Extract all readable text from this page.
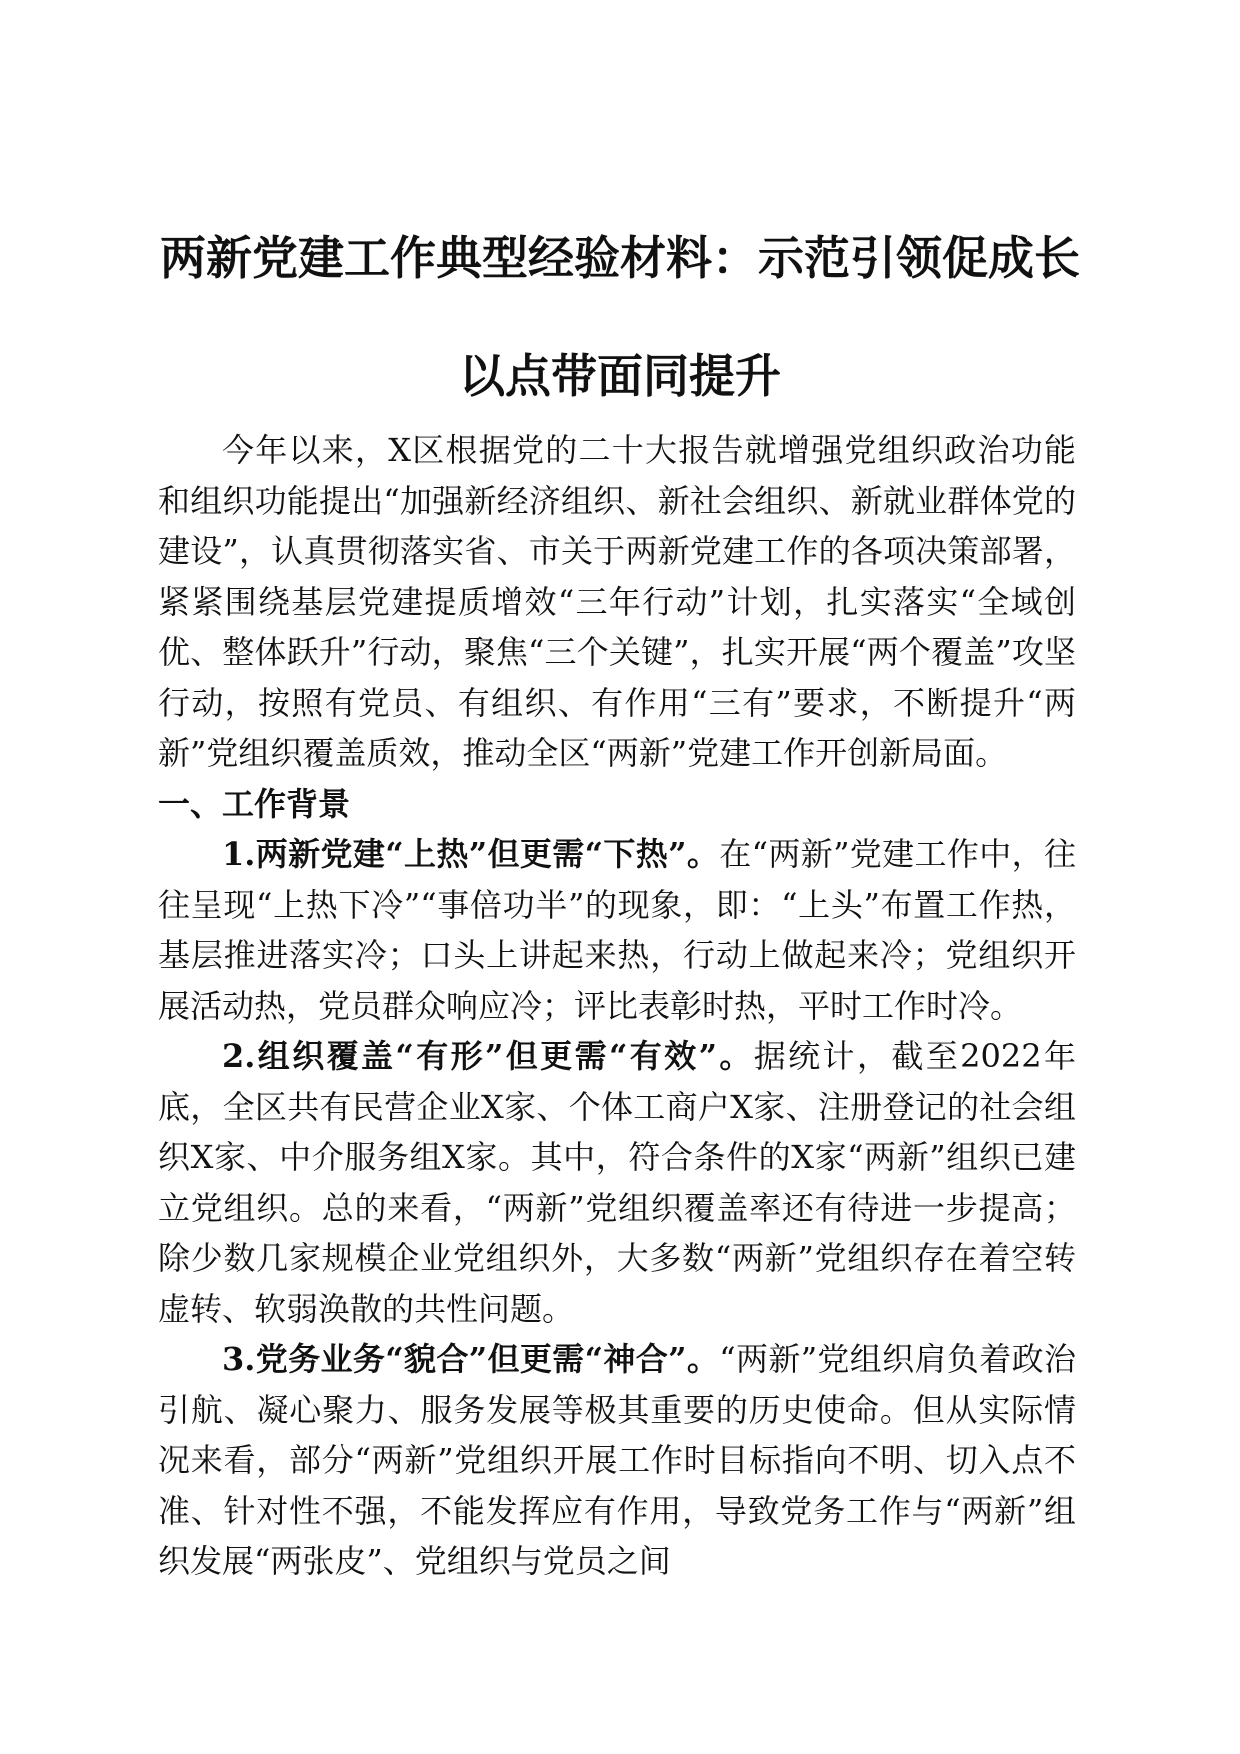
两新党建工作典型经验材料：示范引领促成长
以点带面同提升

今年以来，X区根据党的二十大报告就增强党组织政治功能和组织功能提出“加强新经济组织、新社会组织、新就业群体党的建设”，认真贯彻落实省、市关于两新党建工作的各项决策部署，紧紧围绕基层党建提质增效“三年行动”计划，扎实落实“全域创优、整体跃升”行动，聚焦“三个关键”，扎实开展“两个覆盖”攻坚行动，按照有党员、有组织、有作用“三有”要求，不断提升“两新”党组织覆盖质效，推动全区“两新”党建工作开创新局面。

一、工作背景

1.两新党建“上热”但更需“下热”。在“两新”党建工作中，往往呈现“上热下冷”“事倍功半”的现象，即：“上头”布置工作热，基层推进落实冷；口头上讲起来热，行动上做起来冷；党组织开展活动热，党员群众响应冷；评比表彰时热，平时工作时冷。

2.组织覆盖“有形”但更需“有效”。据统计，截至2022年底，全区共有民营企业X家、个体工商户X家、注册登记的社会组织X家、中介服务组X家。其中，符合条件的X家“两新”组织已建立党组织。总的来看，“两新”党组织覆盖率还有待进一步提高；除少数几家规模企业党组织外，大多数“两新”党组织存在着空转虚转、软弱涣散的共性问题。

3.党务业务“貌合”但更需“神合”。“两新”党组织肩负着政治引航、凝心聚力、服务发展等极其重要的历史使命。但从实际情况来看，部分“两新”党组织开展工作时目标指向不明、切入点不准、针对性不强，不能发挥应有作用，导致党务工作与“两新”组织发展“两张皮”、党组织与党员之间
